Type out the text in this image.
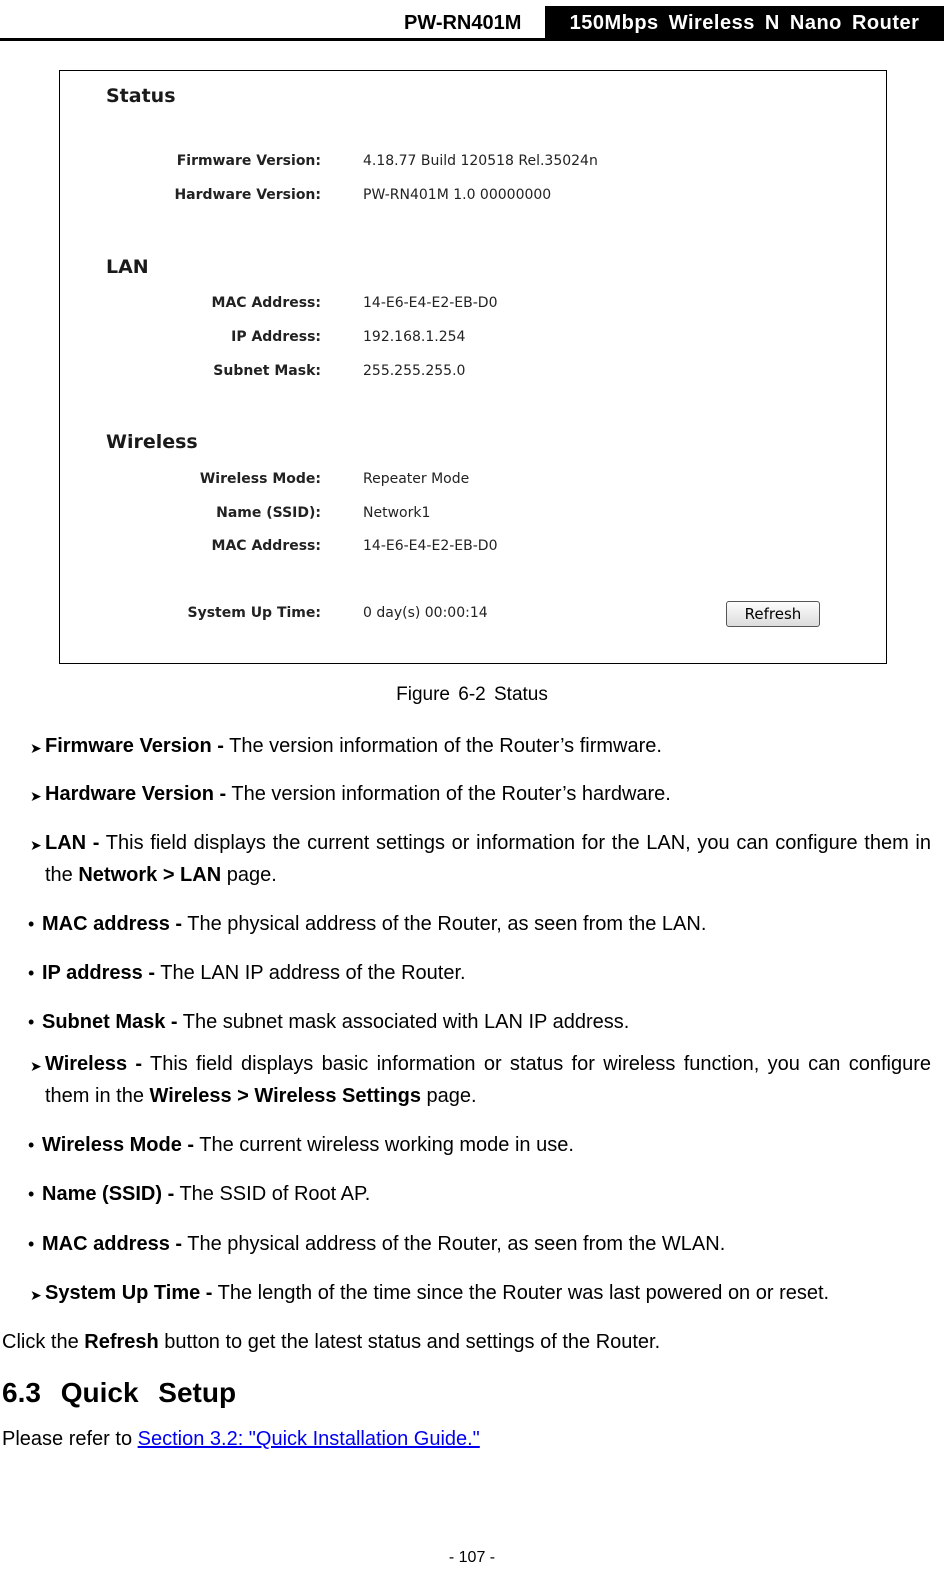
PW-RN401M	150Mbps Wireless N Nano Router
Status
Firmware Version:	4.18.77 Build 120518 Rel.35024n
Hardware Version:	PW-RN401M 1.0 00000000
LAN
MAC Address:	14-E6-E4-E2-EB-D0
IP Address:	192.168.1.254
Subnet Mask:	255.255.255.0
Wireless
Wireless Mode:	Repeater Mode
Name (SSID):	Network1
MAC Address:	14-E6-E4-E2-EB-D0
System Up Time:	0 day(s) 00:00:14	Refresh
Figure 6-2 Status
➤ Firmware Version - The version information of the Router’s firmware.
➤ Hardware Version - The version information of the Router’s hardware.
➤ LAN - This field displays the current settings or information for the LAN, you can configure them in the Network > LAN page.
• MAC address - The physical address of the Router, as seen from the LAN.
• IP address - The LAN IP address of the Router.
• Subnet Mask - The subnet mask associated with LAN IP address.
➤ Wireless - This field displays basic information or status for wireless function, you can configure them in the Wireless > Wireless Settings page.
• Wireless Mode - The current wireless working mode in use.
• Name (SSID) - The SSID of Root AP.
• MAC address - The physical address of the Router, as seen from the WLAN.
➤ System Up Time - The length of the time since the Router was last powered on or reset.
Click the Refresh button to get the latest status and settings of the Router.
6.3 Quick Setup
Please refer to Section 3.2: "Quick Installation Guide."
- 107 -
